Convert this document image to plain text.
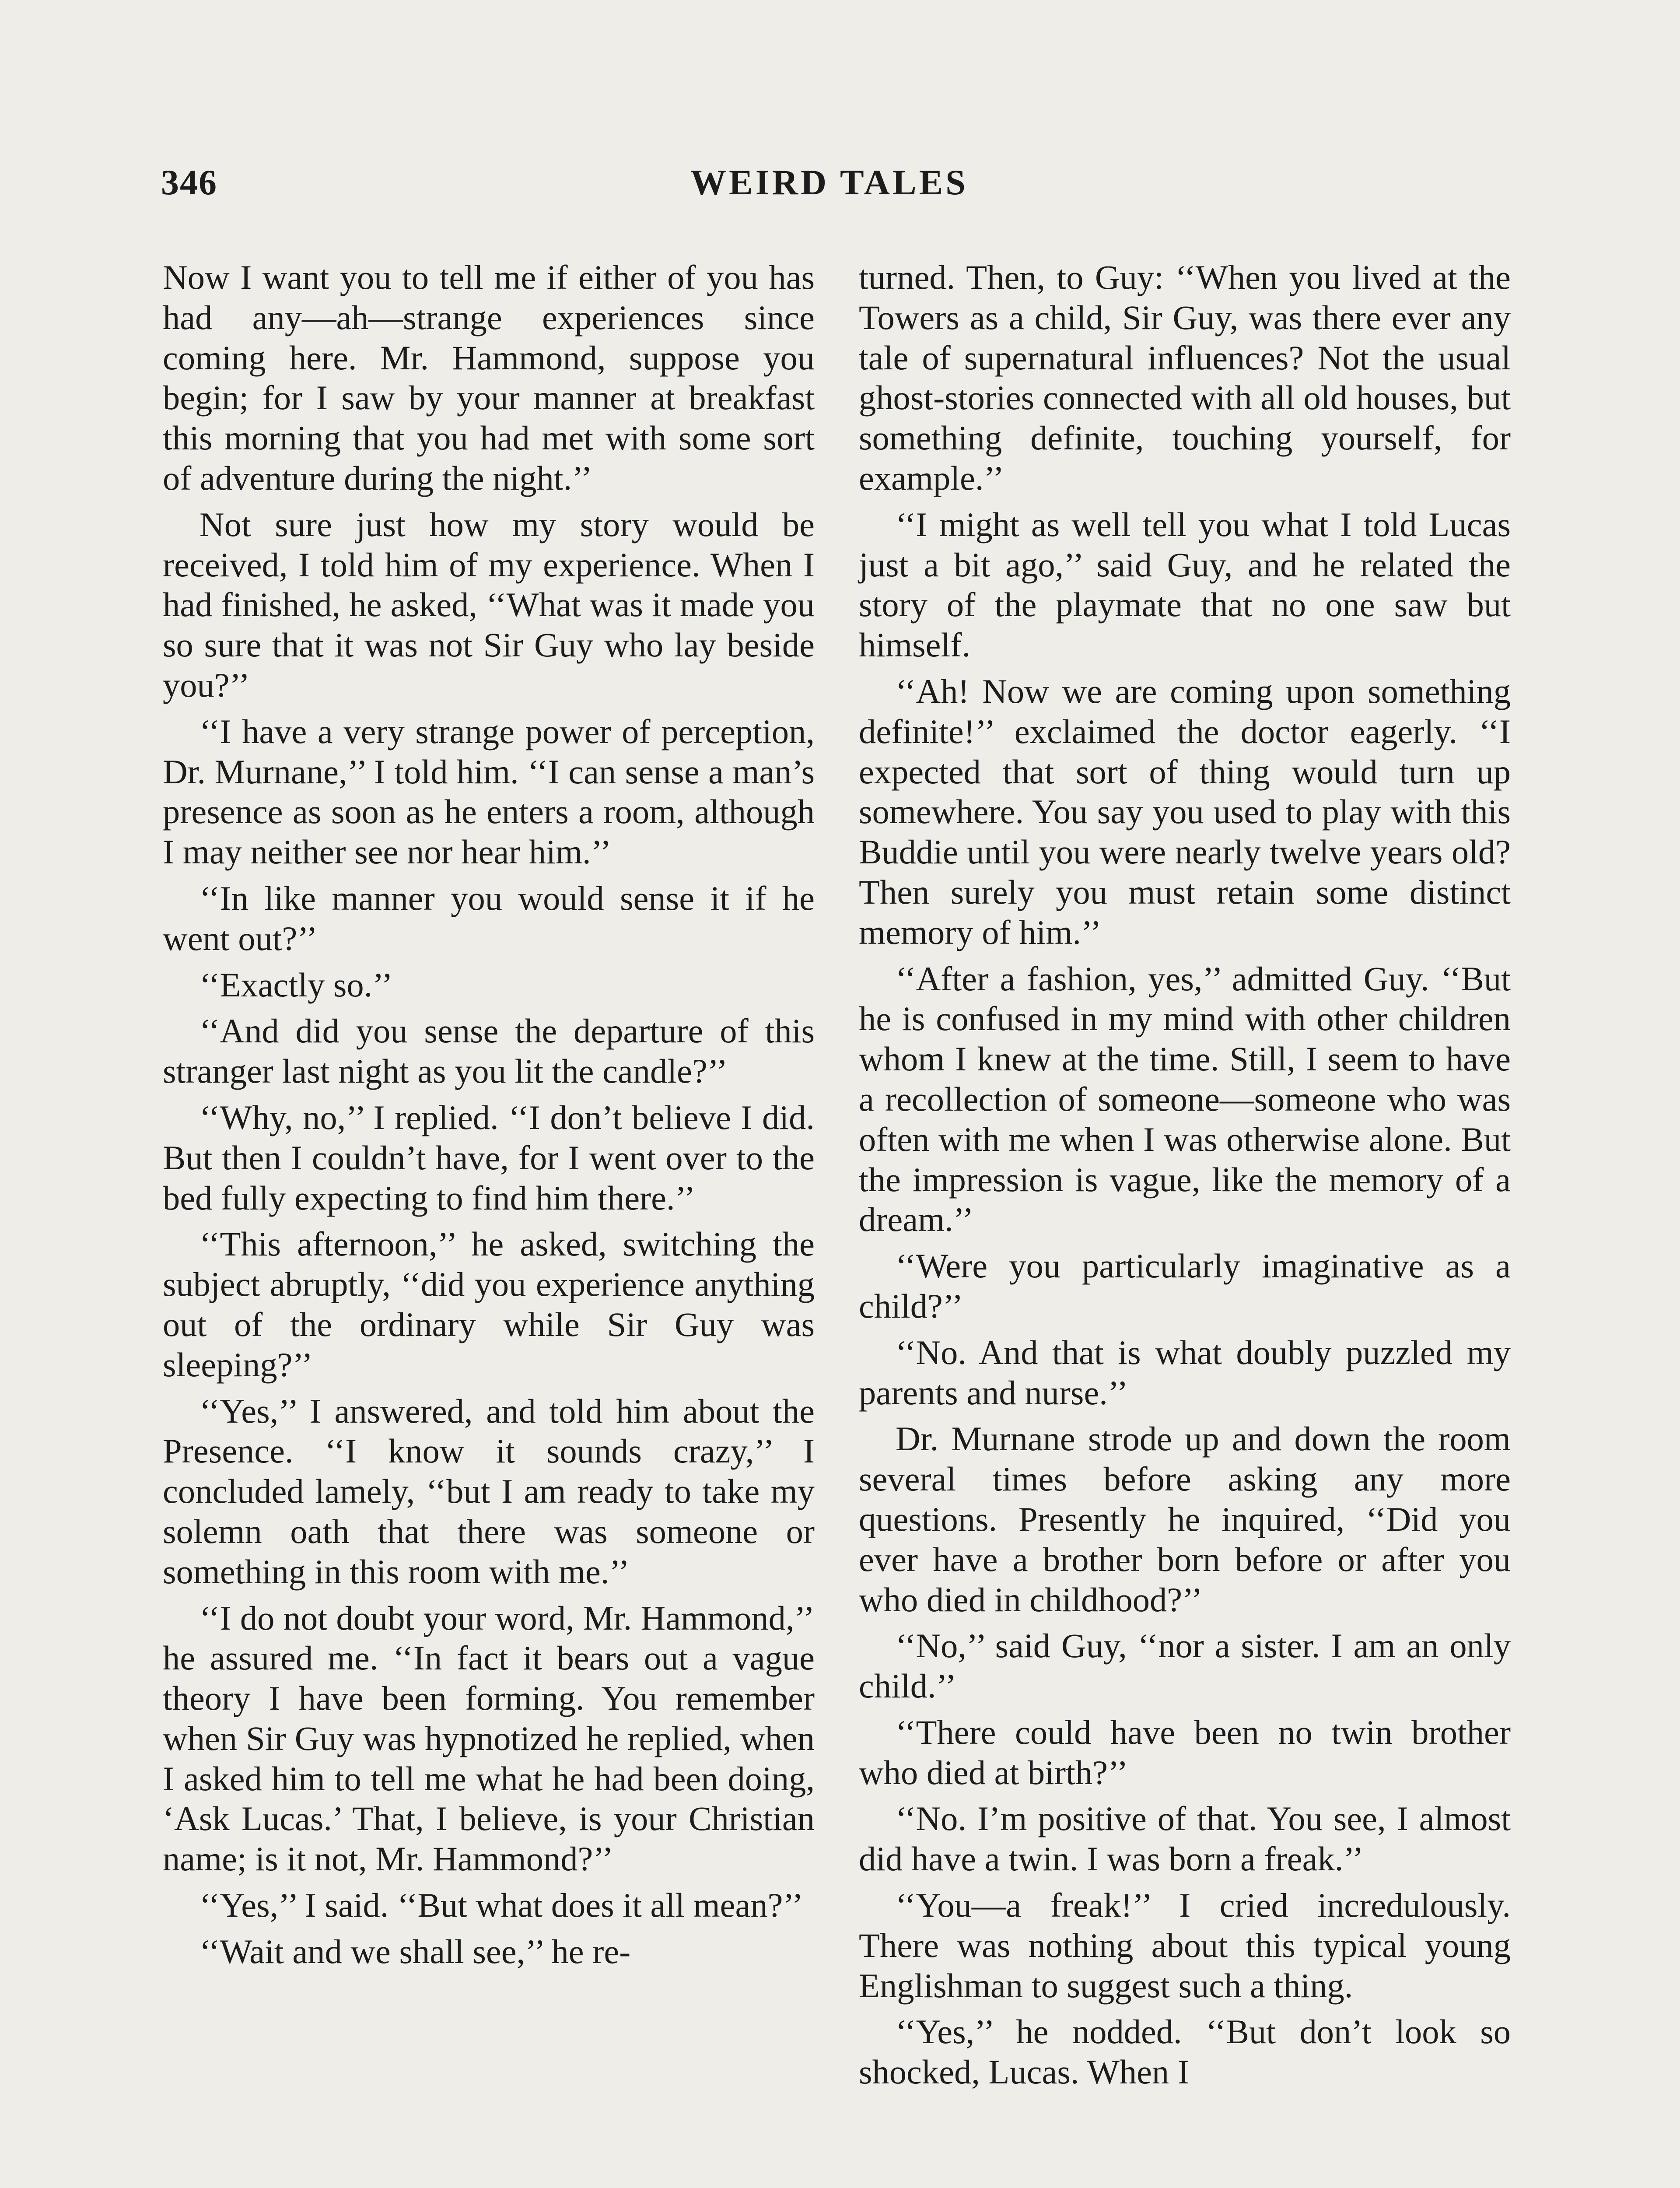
346	WEIRD TALES

Now I want you to tell me if either of you has had any—ah—strange experiences since coming here. Mr. Hammond, suppose you begin; for I saw by your manner at breakfast this morning that you had met with some sort of adventure during the night.’’

Not sure just how my story would be received, I told him of my experience. When I had finished, he asked, ‘‘What was it made you so sure that it was not Sir Guy who lay beside you?’’

‘‘I have a very strange power of perception, Dr. Murnane,’’ I told him. ‘‘I can sense a man’s presence as soon as he enters a room, although I may neither see nor hear him.’’

‘‘In like manner you would sense it if he went out?’’

‘‘Exactly so.’’

‘‘And did you sense the departure of this stranger last night as you lit the candle?’’

‘‘Why, no,’’ I replied. ‘‘I don’t believe I did. But then I couldn’t have, for I went over to the bed fully expecting to find him there.’’

‘‘This afternoon,’’ he asked, switching the subject abruptly, ‘‘did you experience anything out of the ordinary while Sir Guy was sleeping?’’

‘‘Yes,’’ I answered, and told him about the Presence. ‘‘I know it sounds crazy,’’ I concluded lamely, ‘‘but I am ready to take my solemn oath that there was someone or something in this room with me.’’

‘‘I do not doubt your word, Mr. Hammond,’’ he assured me. ‘‘In fact it bears out a vague theory I have been forming. You remember when Sir Guy was hypnotized he replied, when I asked him to tell me what he had been doing, ‘Ask Lucas.’ That, I believe, is your Christian name; is it not, Mr. Hammond?’’

‘‘Yes,’’ I said. ‘‘But what does it all mean?’’

‘‘Wait and we shall see,’’ he re-

turned. Then, to Guy: ‘‘When you lived at the Towers as a child, Sir Guy, was there ever any tale of supernatural influences? Not the usual ghost-stories connected with all old houses, but something definite, touching yourself, for example.’’

‘‘I might as well tell you what I told Lucas just a bit ago,’’ said Guy, and he related the story of the playmate that no one saw but himself.

‘‘Ah! Now we are coming upon something definite!’’ exclaimed the doctor eagerly. ‘‘I expected that sort of thing would turn up somewhere. You say you used to play with this Buddie until you were nearly twelve years old? Then surely you must retain some distinct memory of him.’’

‘‘After a fashion, yes,’’ admitted Guy. ‘‘But he is confused in my mind with other children whom I knew at the time. Still, I seem to have a recollection of someone—someone who was often with me when I was otherwise alone. But the impression is vague, like the memory of a dream.’’

‘‘Were you particularly imaginative as a child?’’

‘‘No. And that is what doubly puzzled my parents and nurse.’’

Dr. Murnane strode up and down the room several times before asking any more questions. Presently he inquired, ‘‘Did you ever have a brother born before or after you who died in childhood?’’

‘‘No,’’ said Guy, ‘‘nor a sister. I am an only child.’’

‘‘There could have been no twin brother who died at birth?’’

‘‘No. I’m positive of that. You see, I almost did have a twin. I was born a freak.’’

‘‘You—a freak!’’ I cried incredulously. There was nothing about this typical young Englishman to suggest such a thing.

‘‘Yes,’’ he nodded. ‘‘But don’t look so shocked, Lucas. When I
